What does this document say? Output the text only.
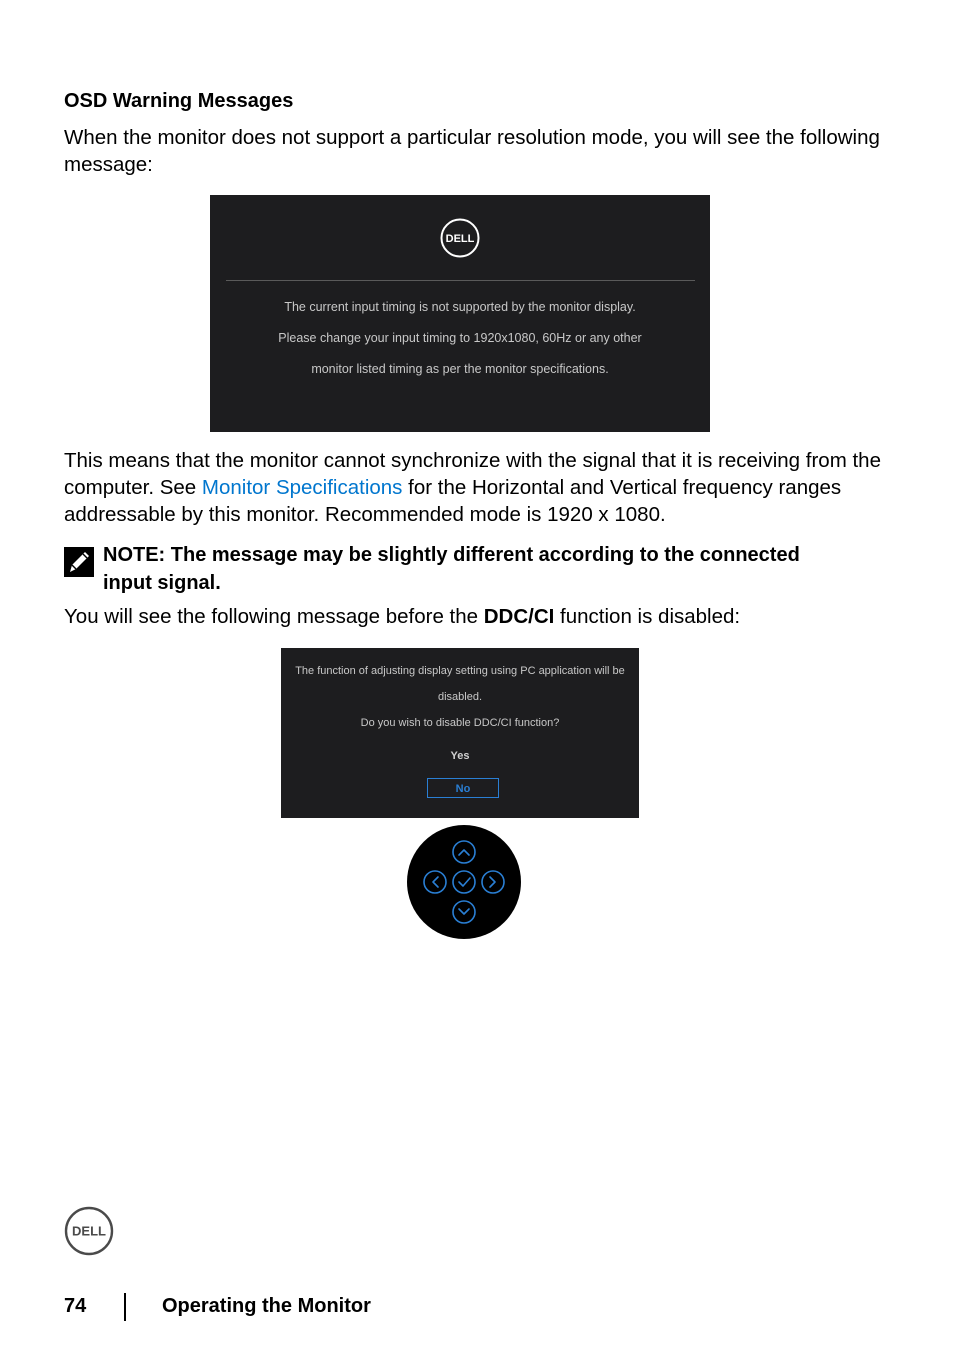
OSD Warning Messages

When the monitor does not support a particular resolution mode, you will see the following message:

DELL
The current input timing is not supported by the monitor display.
Please change your input timing to 1920x1080, 60Hz or any other
monitor listed timing as per the monitor specifications.

This means that the monitor cannot synchronize with the signal that it is receiving from the computer. See Monitor Specifications for the Horizontal and Vertical frequency ranges addressable by this monitor. Recommended mode is 1920 x 1080.

NOTE: The message may be slightly different according to the connected input signal.

You will see the following message before the DDC/CI function is disabled:

The function of adjusting display setting using PC application will be
disabled.
Do you wish to disable DDC/CI function?
Yes
No
DELL

74	Operating the Monitor
